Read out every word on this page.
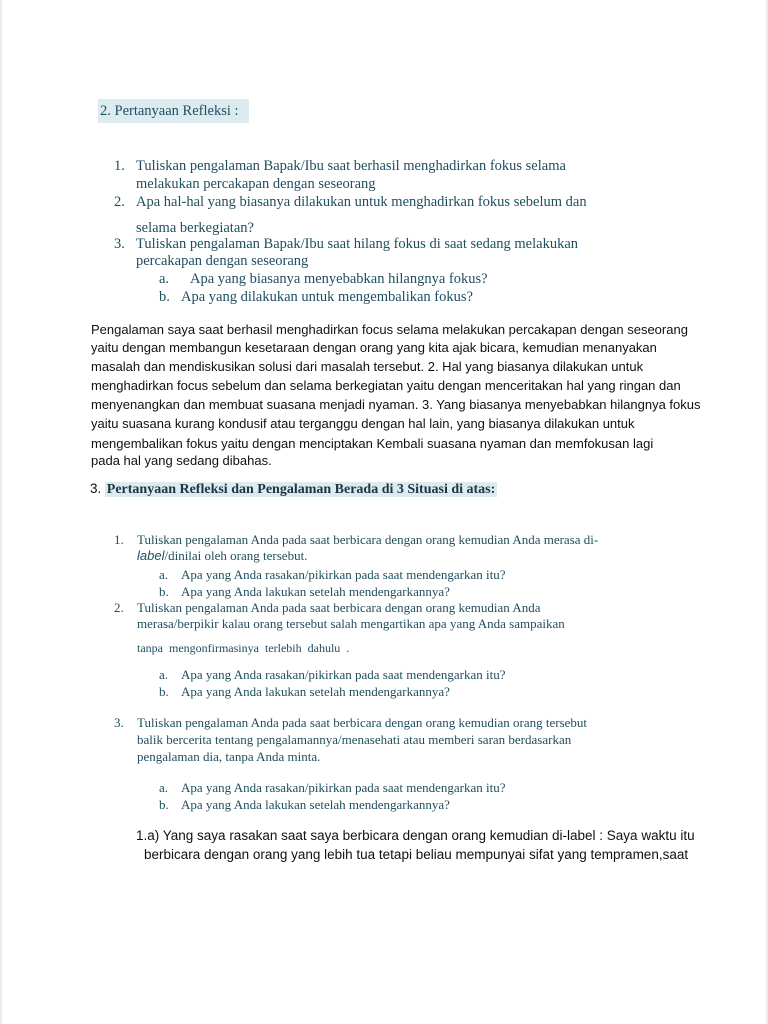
2. Pertanyaan Refleksi :
1. Tuliskan pengalaman Bapak/Ibu saat berhasil menghadirkan fokus selama
melakukan percakapan dengan seseorang
2. Apa hal-hal yang biasanya dilakukan untuk menghadirkan fokus sebelum dan
selama berkegiatan?
3. Tuliskan pengalaman Bapak/Ibu saat hilang fokus di saat sedang melakukan
percakapan dengan seseorang
a. Apa yang biasanya menyebabkan hilangnya fokus?
b. Apa yang dilakukan untuk mengembalikan fokus?
Pengalaman saya saat berhasil menghadirkan focus selama melakukan percakapan dengan seseorang
yaitu dengan membangun kesetaraan dengan orang yang kita ajak bicara, kemudian menanyakan
masalah dan mendiskusikan solusi dari masalah tersebut. 2. Hal yang biasanya dilakukan untuk
menghadirkan focus sebelum dan selama berkegiatan yaitu dengan menceritakan hal yang ringan dan
menyenangkan dan membuat suasana menjadi nyaman. 3. Yang biasanya menyebabkan hilangnya fokus
yaitu suasana kurang kondusif atau terganggu dengan hal lain, yang biasanya dilakukan untuk
mengembalikan fokus yaitu dengan menciptakan Kembali suasana nyaman dan memfokusan lagi
pada hal yang sedang dibahas.
3. Pertanyaan Refleksi dan Pengalaman Berada di 3 Situasi di atas:
1. Tuliskan pengalaman Anda pada saat berbicara dengan orang kemudian Anda merasa di-
label/dinilai oleh orang tersebut.
a. Apa yang Anda rasakan/pikirkan pada saat mendengarkan itu?
b. Apa yang Anda lakukan setelah mendengarkannya?
2. Tuliskan pengalaman Anda pada saat berbicara dengan orang kemudian Anda
merasa/berpikir kalau orang tersebut salah mengartikan apa yang Anda sampaikan
tanpa  mengonfirmasinya  terlebih  dahulu  .
a. Apa yang Anda rasakan/pikirkan pada saat mendengarkan itu?
b. Apa yang Anda lakukan setelah mendengarkannya?
3. Tuliskan pengalaman Anda pada saat berbicara dengan orang kemudian orang tersebut
balik bercerita tentang pengalamannya/menasehati atau memberi saran berdasarkan
pengalaman dia, tanpa Anda minta.
a. Apa yang Anda rasakan/pikirkan pada saat mendengarkan itu?
b. Apa yang Anda lakukan setelah mendengarkannya?
1.a) Yang saya rasakan saat saya berbicara dengan orang kemudian di-label : Saya waktu itu
berbicara dengan orang yang lebih tua tetapi beliau mempunyai sifat yang tempramen,saat
